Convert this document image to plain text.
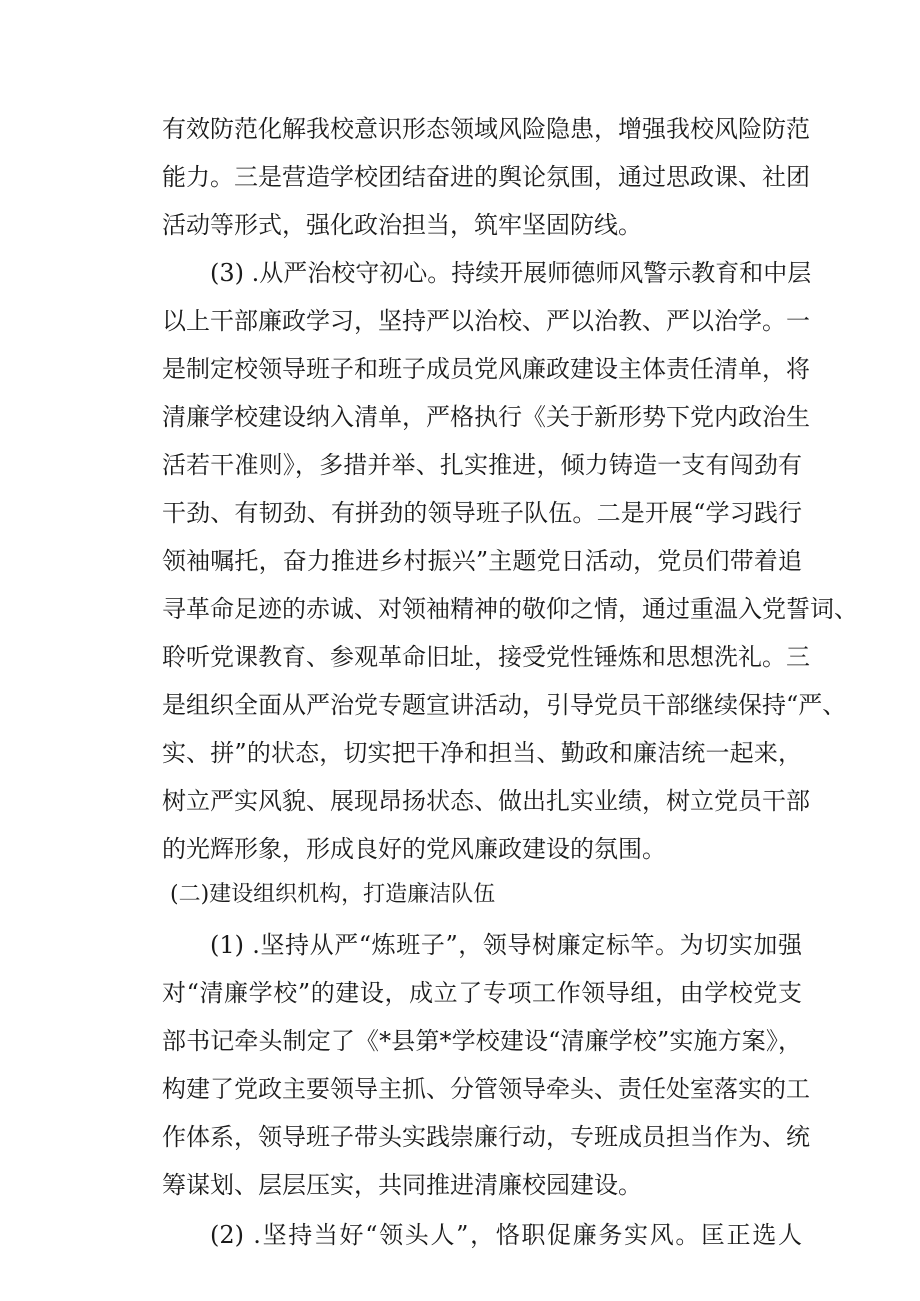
有效防范化解我校意识形态领域风险隐患，增强我校风险防范
能力。三是营造学校团结奋进的舆论氛围，通过思政课、社团
活动等形式，强化政治担当，筑牢坚固防线。
(3) .从严治校守初心。持续开展师德师风警示教育和中层
以上干部廉政学习，坚持严以治校、严以治教、严以治学。一
是制定校领导班子和班子成员党风廉政建设主体责任清单，将
清廉学校建设纳入清单，严格执行《关于新形势下党内政治生
活若干准则》，多措并举、扎实推进，倾力铸造一支有闯劲有
干劲、有韧劲、有拼劲的领导班子队伍。二是开展“学习践行
领袖嘱托，奋力推进乡村振兴”主题党日活动，党员们带着追
寻革命足迹的赤诚、对领袖精神的敬仰之情，通过重温入党誓词、
聆听党课教育、参观革命旧址，接受党性锤炼和思想洗礼。三
是组织全面从严治党专题宣讲活动，引导党员干部继续保持“严、
实、拼”的状态，切实把干净和担当、勤政和廉洁统一起来，
树立严实风貌、展现昂扬状态、做出扎实业绩，树立党员干部
的光辉形象，形成良好的党风廉政建设的氛围。
(二)建设组织机构，打造廉洁队伍
(1) .坚持从严“炼班子”，领导树廉定标竿。为切实加强
对“清廉学校”的建设，成立了专项工作领导组，由学校党支
部书记牵头制定了《*县第*学校建设“清廉学校”实施方案》，
构建了党政主要领导主抓、分管领导牵头、责任处室落实的工
作体系，领导班子带头实践崇廉行动，专班成员担当作为、统
筹谋划、层层压实，共同推进清廉校园建设。
(2) .坚持当好“领头人”，恪职促廉务实风。匡正选人
